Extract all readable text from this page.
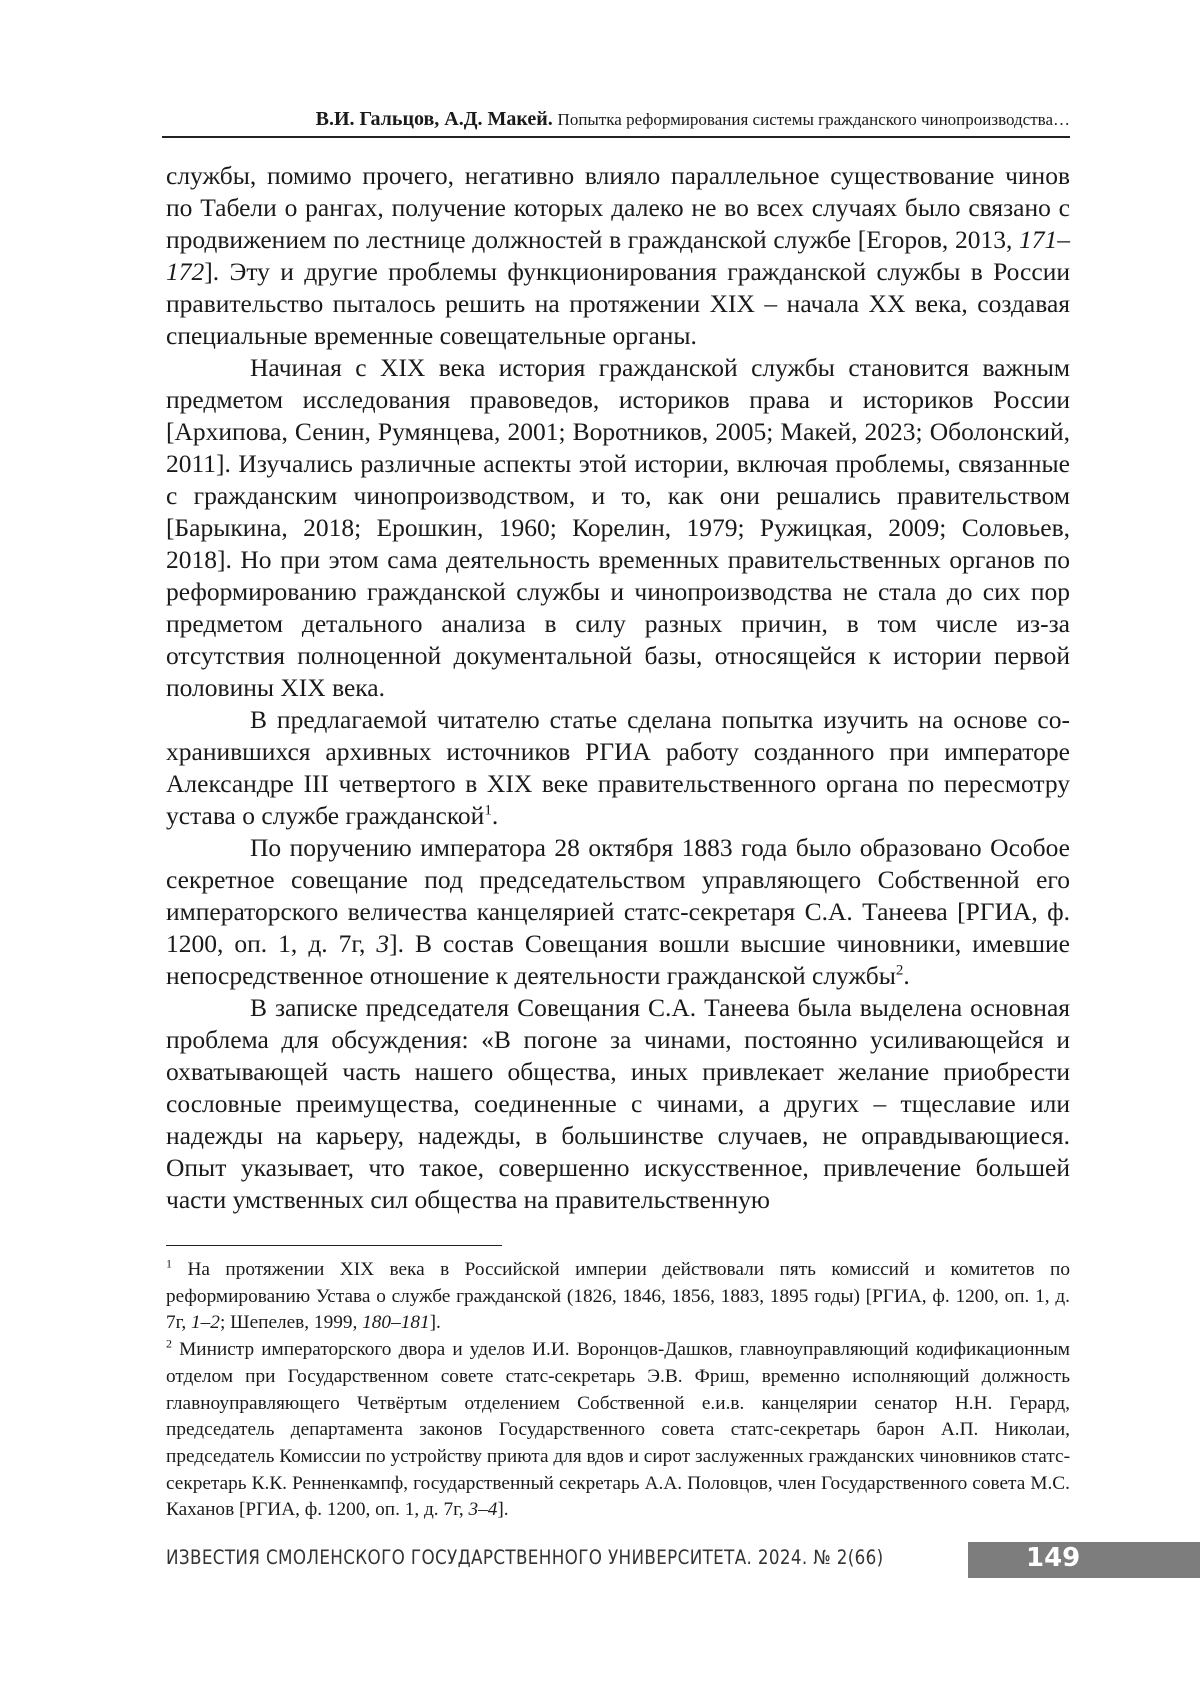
В.И. Гальцов, А.Д. Макей. Попытка реформирования системы гражданского чинопроизводства…

службы, помимо прочего, негативно влияло параллельное существование чинов по Табели о рангах, получение которых далеко не во всех случаях было связано с продвижением по лестнице должностей в гражданской службе [Егоров, 2013, 171–172]. Эту и другие проблемы функционирования гражданской службы в России правительство пыталось решить на протяжении XIX – начала XX века, создавая специальные временные совещательные органы.

Начиная с XIX века история гражданской службы становится важным предметом исследования правоведов, историков права и историков России [Архипова, Сенин, Румянцева, 2001; Воротников, 2005; Макей, 2023; Оболонский, 2011]. Изучались различные аспекты этой истории, включая проблемы, связанные с гражданским чинопроизводством, и то, как они решались правительством [Барыкина, 2018; Ерошкин, 1960; Корелин, 1979; Ружицкая, 2009; Соловьев, 2018]. Но при этом сама деятельность временных правительственных органов по реформированию гражданской службы и чинопроизводства не стала до сих пор предметом детального анализа в силу разных причин, в том числе из-за отсутствия полноценной документальной базы, относящейся к истории первой половины XIX века.

В предлагаемой читателю статье сделана попытка изучить на основе сохранившихся архивных источников РГИА работу созданного при императоре Александре III четвертого в XIX веке правительственного органа по пересмотру устава о службе гражданской$^1$.

По поручению императора 28 октября 1883 года было образовано Особое секретное совещание под председательством управляющего Собственной его императорского величества канцелярией статс-секретаря С.А. Танеева [РГИА, ф. 1200, оп. 1, д. 7г, 3]. В состав Совещания вошли высшие чиновники, имевшие непосредственное отношение к деятельности гражданской службы$^2$.

В записке председателя Совещания С.А. Танеева была выделена основная проблема для обсуждения: «В погоне за чинами, постоянно усиливающейся и охватывающей часть нашего общества, иных привлекает желание приобрести сословные преимущества, соединенные с чинами, а других – тщеславие или надежды на карьеру, надежды, в большинстве случаев, не оправдывающиеся. Опыт указывает, что такое, совершенно искусственное, привлечение большей части умственных сил общества на правительственную

$^1$ На протяжении XIX века в Российской империи действовали пять комиссий и комитетов по реформированию Устава о службе гражданской (1826, 1846, 1856, 1883, 1895 годы) [РГИА, ф. 1200, оп. 1, д. 7г, 1–2; Шепелев, 1999, 180–181].

$^2$ Министр императорского двора и уделов И.И. Воронцов-Дашков, главноуправляющий кодификационным отделом при Государственном совете статс-секретарь Э.В. Фриш, временно исполняющий должность главноуправляющего Четвёртым отделением Собственной е.и.в. канцелярии сенатор Н.Н. Герард, председатель департамента законов Государственного совета статс-секретарь барон А.П. Николаи, председатель Комиссии по устройству приюта для вдов и сирот заслуженных гражданских чиновников статс-секретарь К.К. Ренненкампф, государственный секретарь А.А. Половцов, член Государственного совета М.С. Каханов [РГИА, ф. 1200, оп. 1, д. 7г, 3–4].

ИЗВЕСТИЯ СМОЛЕНСКОГО ГОСУДАРСТВЕННОГО УНИВЕРСИТЕТА. 2024. № 2(66)	149
